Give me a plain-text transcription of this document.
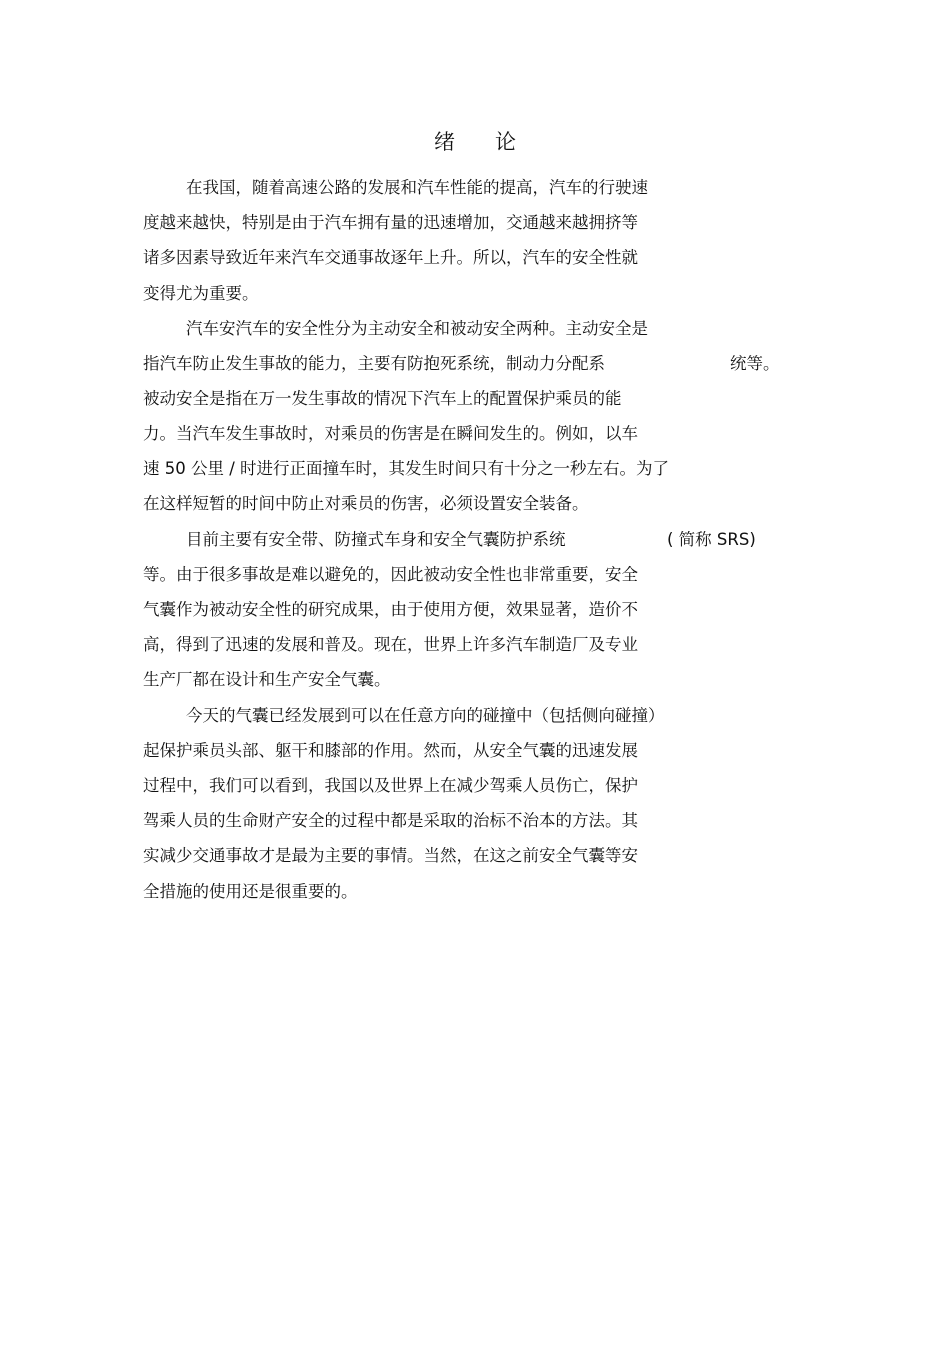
绪 论
在我国，随着高速公路的发展和汽车性能的提高，汽车的行驶速
度越来越快，特别是由于汽车拥有量的迅速增加，交通越来越拥挤等
诸多因素导致近年来汽车交通事故逐年上升。所以，汽车的安全性就
变得尤为重要。
汽车安汽车的安全性分为主动安全和被动安全两种。主动安全是
指汽车防止发生事故的能力，主要有防抱死系统，制动力分配系	统等。
被动安全是指在万一发生事故的情况下汽车上的配置保护乘员的能
力。当汽车发生事故时，对乘员的伤害是在瞬间发生的。例如，以车
速 50 公里 / 时进行正面撞车时，其发生时间只有十分之一秒左右。为了
在这样短暂的时间中防止对乘员的伤害，必须设置安全装备。
目前主要有安全带、防撞式车身和安全气囊防护系统	( 简称 SRS)
等。由于很多事故是难以避免的，因此被动安全性也非常重要，安全
气囊作为被动安全性的研究成果，由于使用方便，效果显著，造价不
高，得到了迅速的发展和普及。现在，世界上许多汽车制造厂及专业
生产厂都在设计和生产安全气囊。
今天的气囊已经发展到可以在任意方向的碰撞中（包括侧向碰撞）
起保护乘员头部、躯干和膝部的作用。然而，从安全气囊的迅速发展
过程中，我们可以看到，我国以及世界上在减少驾乘人员伤亡，保护
驾乘人员的生命财产安全的过程中都是采取的治标不治本的方法。其
实减少交通事故才是最为主要的事情。当然，在这之前安全气囊等安
全措施的使用还是很重要的。
